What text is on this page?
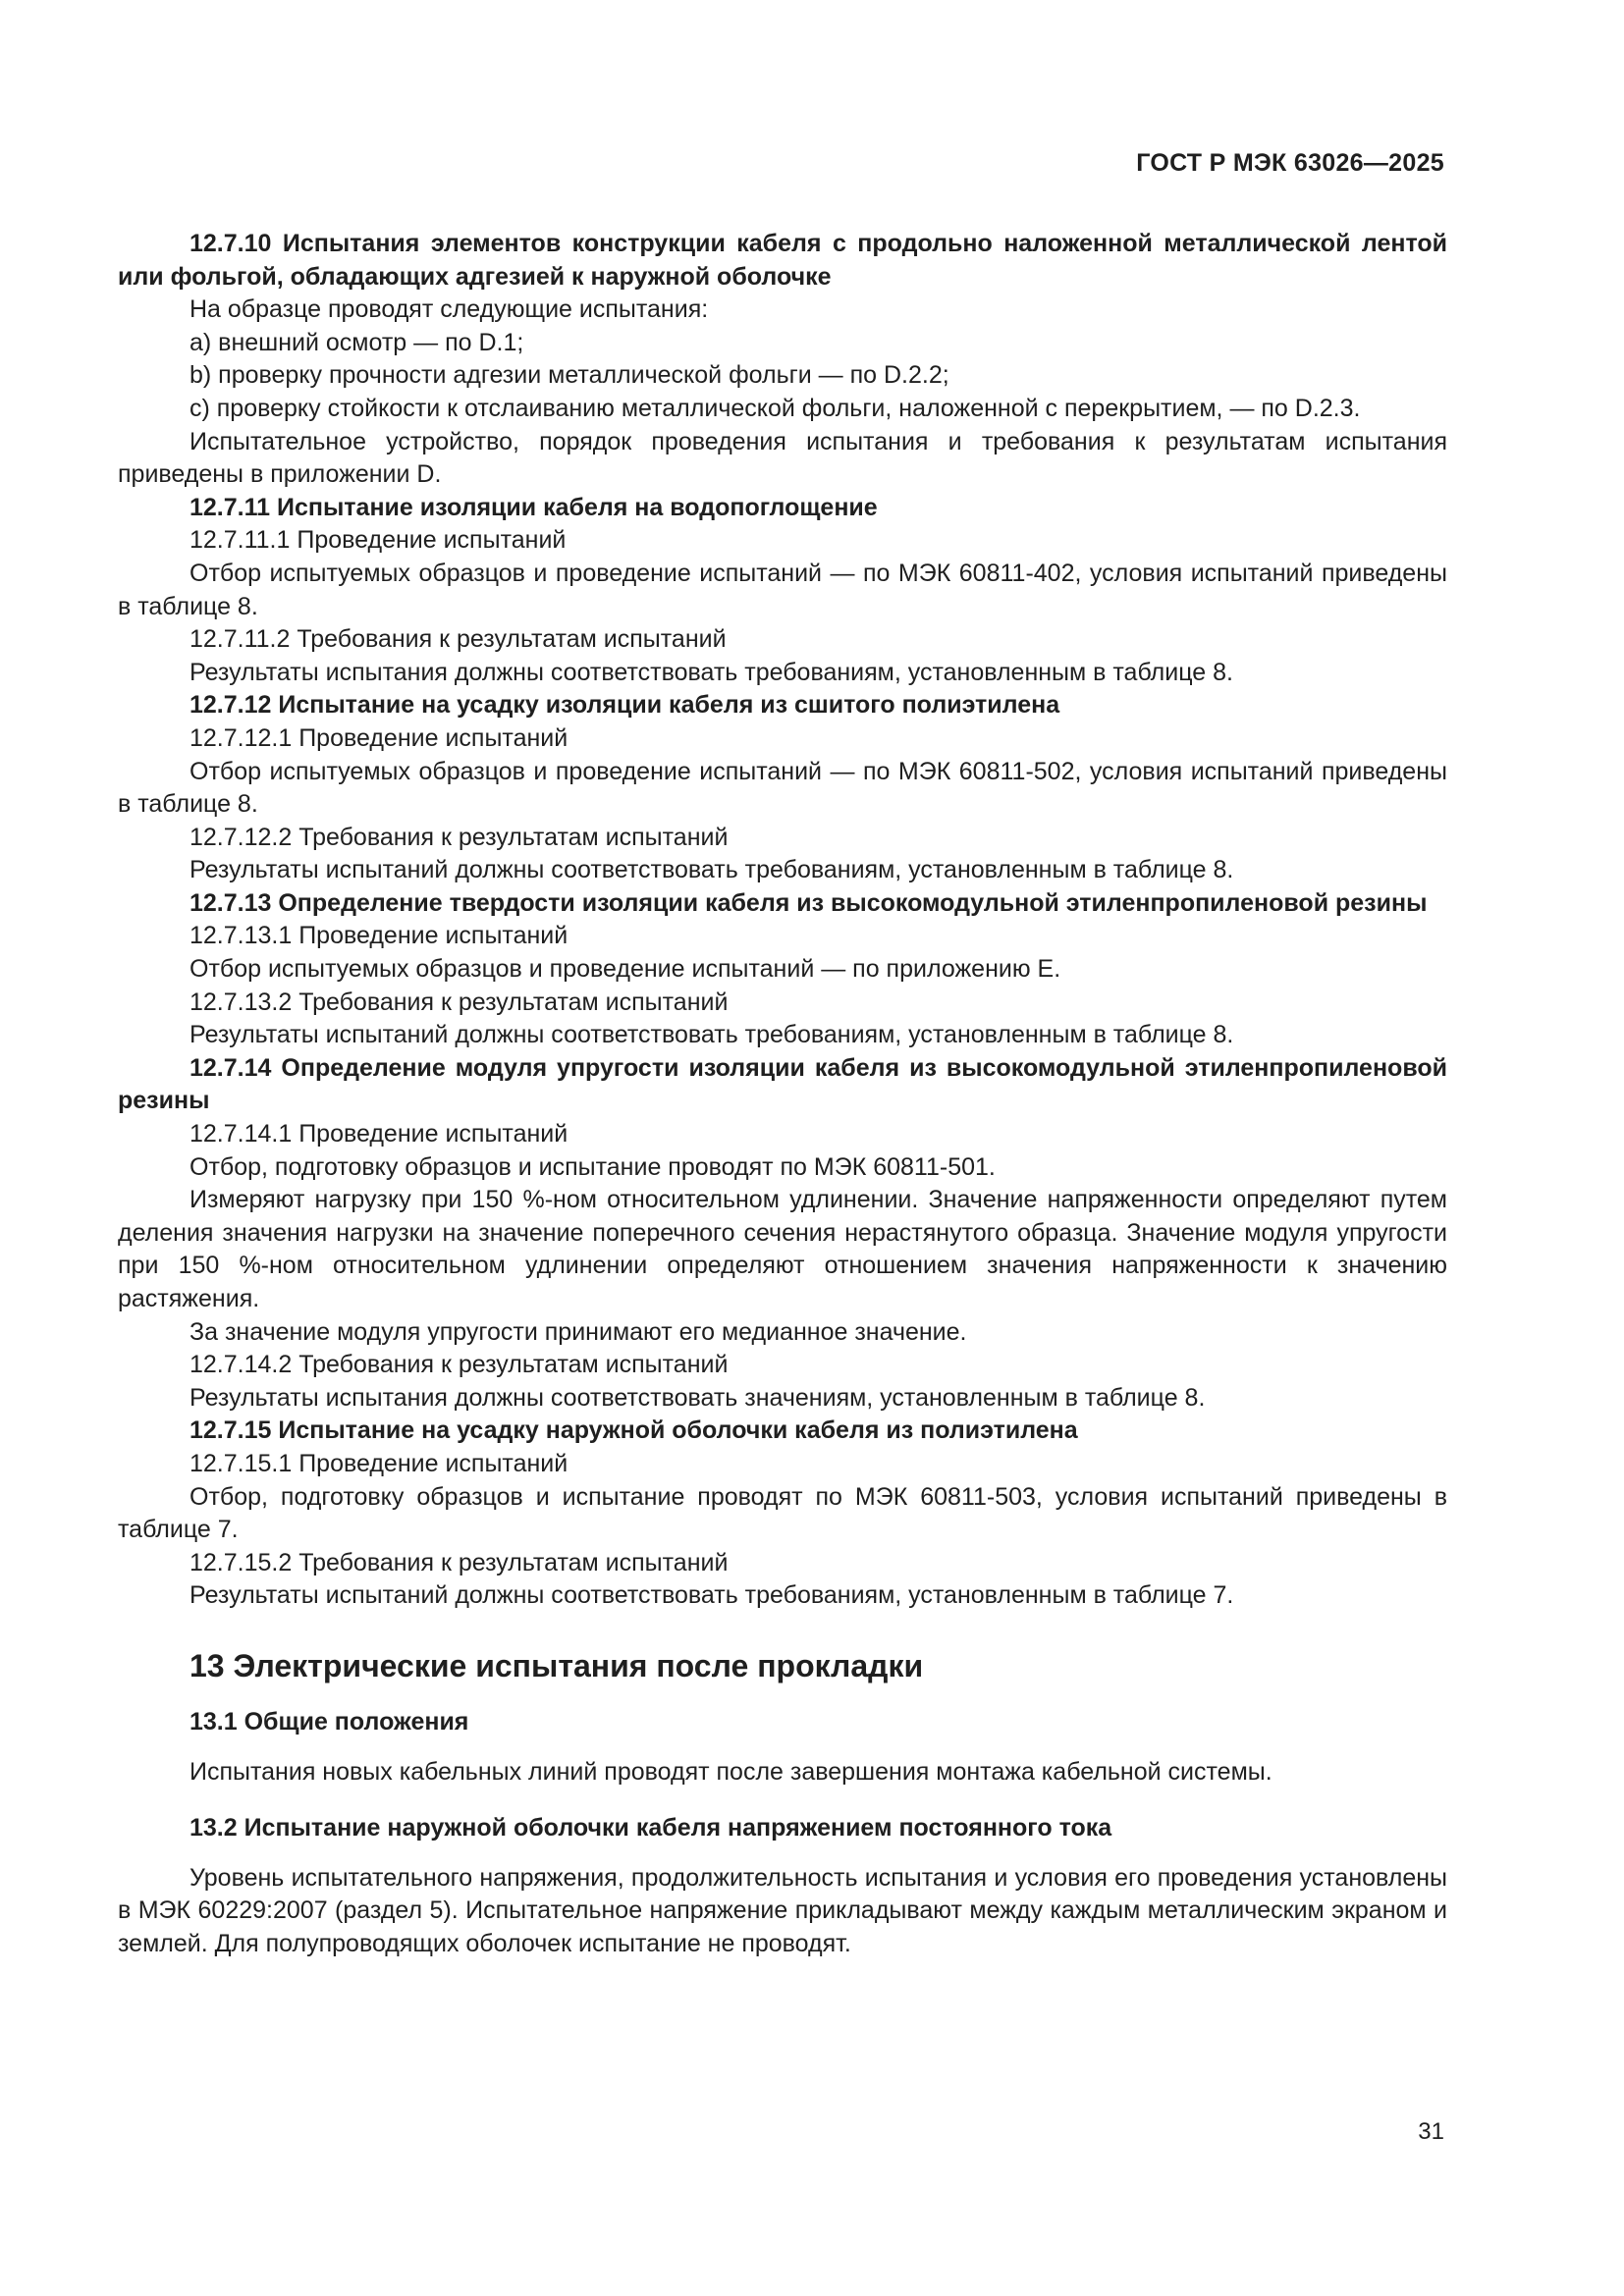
ГОСТ Р МЭК 63026—2025

12.7.10 Испытания элементов конструкции кабеля с продольно наложенной металлической лентой или фольгой, обладающих адгезией к наружной оболочке

На образце проводят следующие испытания:

a) внешний осмотр — по D.1;

b) проверку прочности адгезии металлической фольги — по D.2.2;

c) проверку стойкости к отслаиванию металлической фольги, наложенной с перекрытием, — по D.2.3.

Испытательное устройство, порядок проведения испытания и требования к результатам испытания приведены в приложении D.

12.7.11 Испытание изоляции кабеля на водопоглощение

12.7.11.1 Проведение испытаний

Отбор испытуемых образцов и проведение испытаний — по МЭК 60811-402, условия испытаний приведены в таблице 8.

12.7.11.2 Требования к результатам испытаний

Результаты испытания должны соответствовать требованиям, установленным в таблице 8.

12.7.12 Испытание на усадку изоляции кабеля из сшитого полиэтилена

12.7.12.1 Проведение испытаний

Отбор испытуемых образцов и проведение испытаний — по МЭК 60811-502, условия испытаний приведены в таблице 8.

12.7.12.2 Требования к результатам испытаний

Результаты испытаний должны соответствовать требованиям, установленным в таблице 8.

12.7.13 Определение твердости изоляции кабеля из высокомодульной этиленпропиленовой резины

12.7.13.1 Проведение испытаний

Отбор испытуемых образцов и проведение испытаний — по приложению E.

12.7.13.2 Требования к результатам испытаний

Результаты испытаний должны соответствовать требованиям, установленным в таблице 8.

12.7.14 Определение модуля упругости изоляции кабеля из высокомодульной этиленпропиленовой резины

12.7.14.1 Проведение испытаний

Отбор, подготовку образцов и испытание проводят по МЭК 60811-501.

Измеряют нагрузку при 150 %-ном относительном удлинении. Значение напряженности определяют путем деления значения нагрузки на значение поперечного сечения нерастянутого образца. Значение модуля упругости при 150 %-ном относительном удлинении определяют отношением значения напряженности к значению растяжения.

За значение модуля упругости принимают его медианное значение.

12.7.14.2 Требования к результатам испытаний

Результаты испытания должны соответствовать значениям, установленным в таблице 8.

12.7.15 Испытание на усадку наружной оболочки кабеля из полиэтилена

12.7.15.1 Проведение испытаний

Отбор, подготовку образцов и испытание проводят по МЭК 60811-503, условия испытаний приведены в таблице 7.

12.7.15.2 Требования к результатам испытаний

Результаты испытаний должны соответствовать требованиям, установленным в таблице 7.

13 Электрические испытания после прокладки
13.1 Общие положения

Испытания новых кабельных линий проводят после завершения монтажа кабельной системы.

13.2 Испытание наружной оболочки кабеля напряжением постоянного тока

Уровень испытательного напряжения, продолжительность испытания и условия его проведения установлены в МЭК 60229:2007 (раздел 5). Испытательное напряжение прикладывают между каждым металлическим экраном и землей. Для полупроводящих оболочек испытание не проводят.

31
